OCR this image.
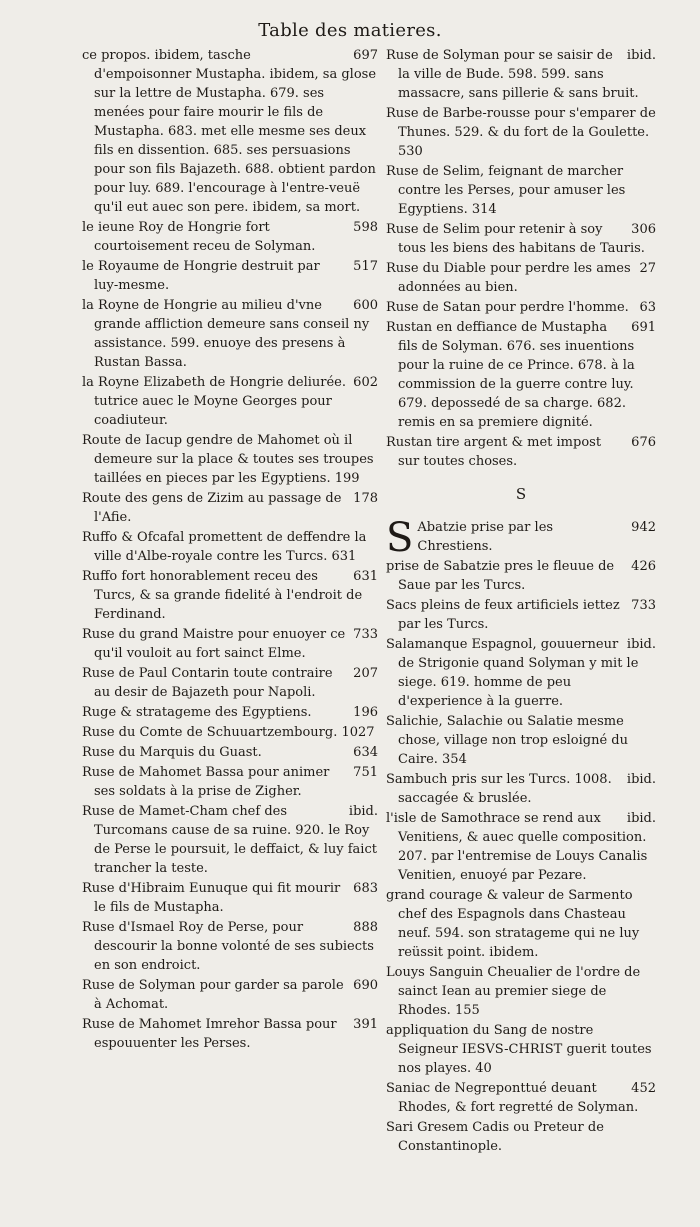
Table des matieres.
697
ce propos. ibidem, tasche d'empoisonner Mustapha. ibidem, sa glose sur la lettre de Mustapha. 679. ses menées pour faire mourir le fils de Mustapha. 683. met elle mesme ses deux fils en dissention. 685. ses persuasions pour son fils Bajazeth. 688. obtient pardon pour luy. 689. l'encourage à l'entre-veuë qu'il eut auec son pere. ibidem, sa mort.
598
le ieune Roy de Hongrie fort courtoisement receu de Solyman.
517
le Royaume de Hongrie destruit par luy-mesme.
600
la Royne de Hongrie au milieu d'vne grande affliction demeure sans conseil ny assistance. 599. enuoye des presens à Rustan Bassa.
602
la Royne Elizabeth de Hongrie deliurée. tutrice auec le Moyne Georges pour coadiuteur.
Route de Iacup gendre de Mahomet où il demeure sur la place & toutes ses troupes taillées en pieces par les Egyptiens. 199
178
Route des gens de Zizim au passage de l'Afie.
Ruffo & Ofcafal promettent de deffendre la ville d'Albe-royale contre les Turcs. 631
631
Ruffo fort honorablement receu des Turcs, & sa grande fidelité à l'endroit de Ferdinand.
733
Ruse du grand Maistre pour enuoyer ce qu'il vouloit au fort sainct Elme.
207
Ruse de Paul Contarin toute contraire au desir de Bajazeth pour Napoli.
196
Ruge & stratageme des Egyptiens.
Ruse du Comte de Schuuartzembourg. 1027
634
Ruse du Marquis du Guast.
751
Ruse de Mahomet Bassa pour animer ses soldats à la prise de Zigher.
ibid.
Ruse de Mamet-Cham chef des Turcomans cause de sa ruine. 920. le Roy de Perse le poursuit, le deffaict, & luy faict trancher la teste.
683
Ruse d'Hibraim Eunuque qui fit mourir le fils de Mustapha.
888
Ruse d'Ismael Roy de Perse, pour descourir la bonne volonté de ses subiects en son endroict.
690
Ruse de Solyman pour garder sa parole à Achomat.
391
Ruse de Mahomet Imrehor Bassa pour espouuenter les Perses.
ibid.
Ruse de Solyman pour se saisir de la ville de Bude. 598. 599. sans massacre, sans pillerie & sans bruit.
Ruse de Barbe-rousse pour s'emparer de Thunes. 529. & du fort de la Goulette. 530
Ruse de Selim, feignant de marcher contre les Perses, pour amuser les Egyptiens. 314
306
Ruse de Selim pour retenir à soy tous les biens des habitans de Tauris.
27
Ruse du Diable pour perdre les ames adonnées au bien.
63
Ruse de Satan pour perdre l'homme.
691
Rustan en deffiance de Mustapha fils de Solyman. 676. ses inuentions pour la ruine de ce Prince. 678. à la commission de la guerre contre luy. 679. depossedé de sa charge. 682. remis en sa premiere dignité.
676
Rustan tire argent & met impost sur toutes choses.
S
S	942
Abatzie prise par les Chrestiens.
426
prise de Sabatzie pres le fleuue de Saue par les Turcs.
733
Sacs pleins de feux artificiels iettez par les Turcs.
ibid.
Salamanque Espagnol, gouuerneur de Strigonie quand Solyman y mit le siege. 619. homme de peu d'experience à la guerre.
Salichie, Salachie ou Salatie mesme chose, village non trop esloigné du Caire. 354
ibid.
Sambuch pris sur les Turcs. 1008. saccagée & bruslée.
ibid.
l'isle de Samothrace se rend aux Venitiens, & auec quelle composition. 207. par l'entremise de Louys Canalis Venitien, enuoyé par Pezare.
grand courage & valeur de Sarmento chef des Espagnols dans Chasteau neuf. 594. son stratageme qui ne luy reüssit point. ibidem.
Louys Sanguin Cheualier de l'ordre de sainct Iean au premier siege de Rhodes. 155
appliquation du Sang de nostre Seigneur IESVS-CHRIST guerit toutes nos playes. 40
452
Saniac de Negreponttué deuant Rhodes, & fort regretté de Solyman.
Sari Gresem Cadis ou Preteur de Constantinople.
